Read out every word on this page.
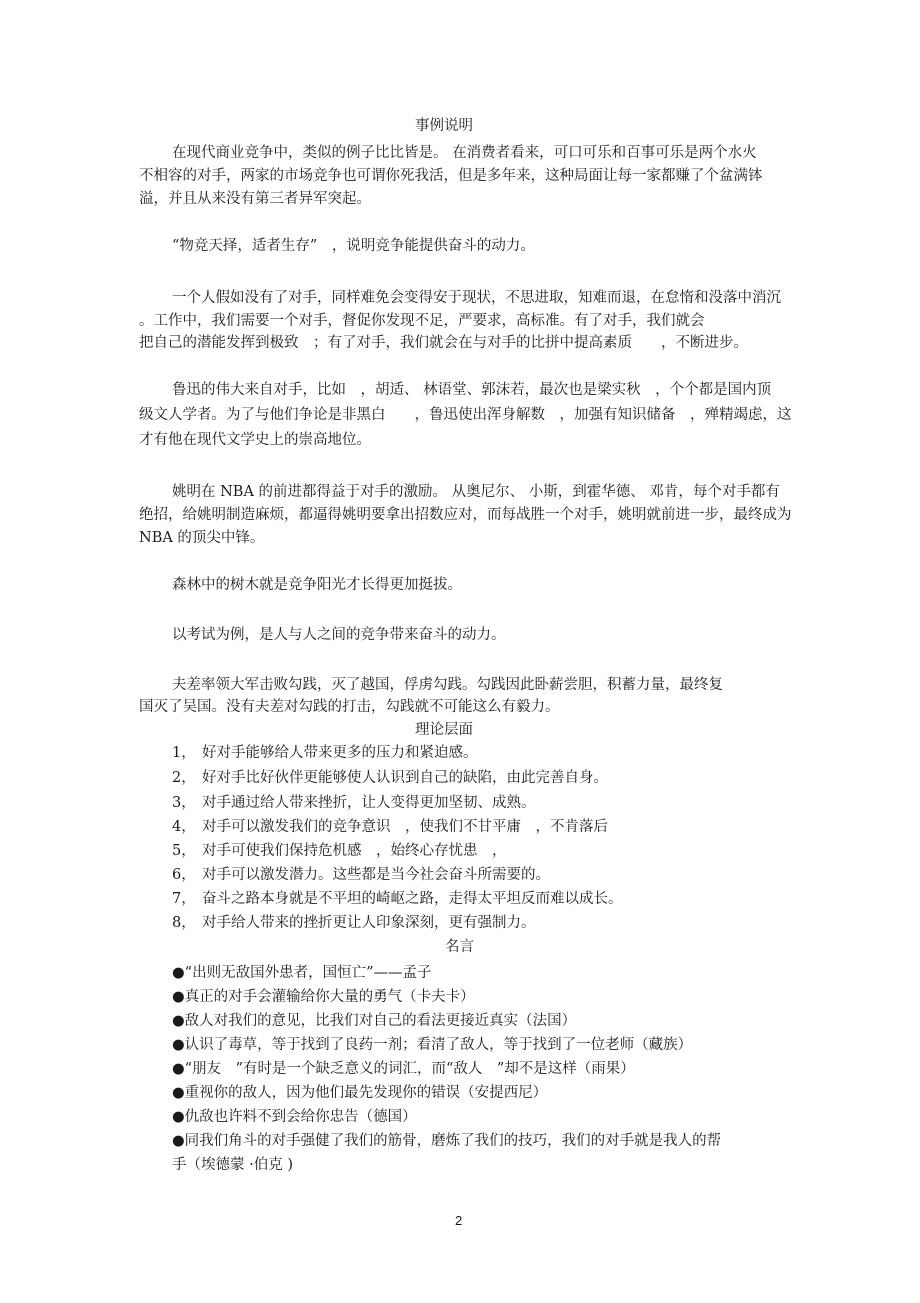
事例说明
在现代商业竞争中，类似的例子比比皆是。 在消费者看来，可口可乐和百事可乐是两个水火
不相容的对手，两家的市场竞争也可谓你死我活，但是多年来，这种局面让每一家都赚了个盆满钵
溢，并且从来没有第三者异军突起。
“物竞天择，适者生存”　，说明竞争能提供奋斗的动力。
一个人假如没有了对手，同样难免会变得安于现状，不思进取，知难而退，在怠惰和没落中消沉
。工作中，我们需要一个对手，督促你发现不足，严要求，高标准。有了对手，我们就会
把自己的潜能发挥到极致　；有了对手，我们就会在与对手的比拼中提高素质　　，不断进步。
鲁迅的伟大来自对手，比如　，胡适、 林语堂、郭沫若，最次也是梁实秋　，个个都是国内顶
级文人学者。为了与他们争论是非黑白　　，鲁迅使出浑身解数　，加强有知识储备　，殚精竭虑，这
才有他在现代文学史上的崇高地位。
姚明在 NBA 的前进都得益于对手的激励。 从奥尼尔、 小斯，到霍华德、 邓肯，每个对手都有
绝招，给姚明制造麻烦，都逼得姚明要拿出招数应对，而每战胜一个对手，姚明就前进一步，最终成为
NBA 的顶尖中锋。
森林中的树木就是竞争阳光才长得更加挺拔。
以考试为例，是人与人之间的竞争带来奋斗的动力。
夫差率领大军击败勾践，灭了越国，俘虏勾践。勾践因此卧薪尝胆，积蓄力量，最终复
国灭了吴国。没有夫差对勾践的打击，勾践就不可能这么有毅力。
理论层面
1， 好对手能够给人带来更多的压力和紧迫感。
2， 好对手比好伙伴更能够使人认识到自己的缺陷，由此完善自身。
3， 对手通过给人带来挫折，让人变得更加坚韧、成熟。
4， 对手可以激发我们的竞争意识　，使我们不甘平庸　，不肯落后
5， 对手可使我们保持危机感　，始终心存忧患　，
6， 对手可以激发潜力。这些都是当今社会奋斗所需要的。
7， 奋斗之路本身就是不平坦的崎岖之路，走得太平坦反而难以成长。
8， 对手给人带来的挫折更让人印象深刻，更有强制力。
名言
●“出则无敌国外患者，国恒亡”——孟子
●真正的对手会灌输给你大量的勇气（卡夫卡）
●敌人对我们的意见，比我们对自己的看法更接近真实（法国）
●认识了毒草，等于找到了良药一剂；看清了敌人，等于找到了一位老师（藏族）
●“朋友　”有时是一个缺乏意义的词汇，而“敌人　”却不是这样（雨果）
●重视你的敌人，因为他们最先发现你的错误（安提西尼）
●仇敌也许料不到会给你忠告（德国）
●同我们角斗的对手强健了我们的筋骨，磨炼了我们的技巧，我们的对手就是我人的帮
手（埃德蒙 ·伯克 )
2
